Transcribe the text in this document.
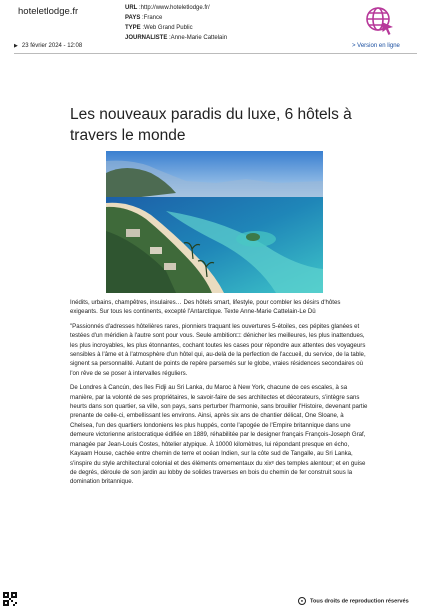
hoteletlodge.fr	URL :http://www.hoteletlodge.fr/
PAYS :France
TYPE :Web Grand Public
JOURNALISTE :Anne-Marie Cattelain
▶ 23 février 2024 - 12:08	> Version en ligne
Les nouveaux paradis du luxe, 6 hôtels à travers le monde

Inédits, urbains, champêtres, insulaires… Des hôtels smart, lifestyle, pour combler les désirs d'hôtes exigeants. Sur tous les continents, excepté l'Antarctique. Texte Anne-Marie Cattelain-Le Dû

"Passionnés d'adresses hôtelières rares, pionniers traquant les ouvertures 5-étoiles, ces pépites glanées et testées d'un méridien à l'autre sont pour vous. Seule ambition□: dénicher les meilleures, les plus inattendues, les plus incroyables, les plus étonnantes, cochant toutes les cases pour répondre aux attentes des voyageurs sensibles à l'âme et à l'atmosphère d'un hôtel qui, au-delà de la perfection de l'accueil, du service, de la table, signent sa personnalité. Autant de points de repère parsemés sur le globe, vraies résidences secondaires où l'on rêve de se poser à intervalles réguliers.

De Londres à Cancún, des îles Fidji au Sri Lanka, du Maroc à New York, chacune de ces escales, à sa manière, par la volonté de ses propriétaires, le savoir-faire de ses architectes et décorateurs, s'intègre sans heurts dans son quartier, sa ville, son pays, sans perturber l'harmonie, sans brouiller l'Histoire, devenant partie prenante de celle-ci, embellissant les environs. Ainsi, après six ans de chantier délicat, One Sloane, à Chelsea, l'un des quartiers londoniens les plus huppés, conte l'apogée de l'Empire britannique dans une demeure victorienne aristocratique édifiée en 1889, réhabilitée par le designer français François-Joseph Graf, managée par Jean-Louis Costes, hôtelier atypique. À 10000 kilomètres, lui répondant presque en écho, Kayaam House, cachée entre chemin de terre et océan Indien, sur la côte sud de Tangalle, au Sri Lanka, s'inspire du style architectural colonial et des éléments ornementaux du xixᵉ des temples alentour; et en guise de degrés, déroule de son jardin au lobby de solides traverses en bois du chemin de fer construit sous la domination britannique.

● Tous droits de reproduction réservés
